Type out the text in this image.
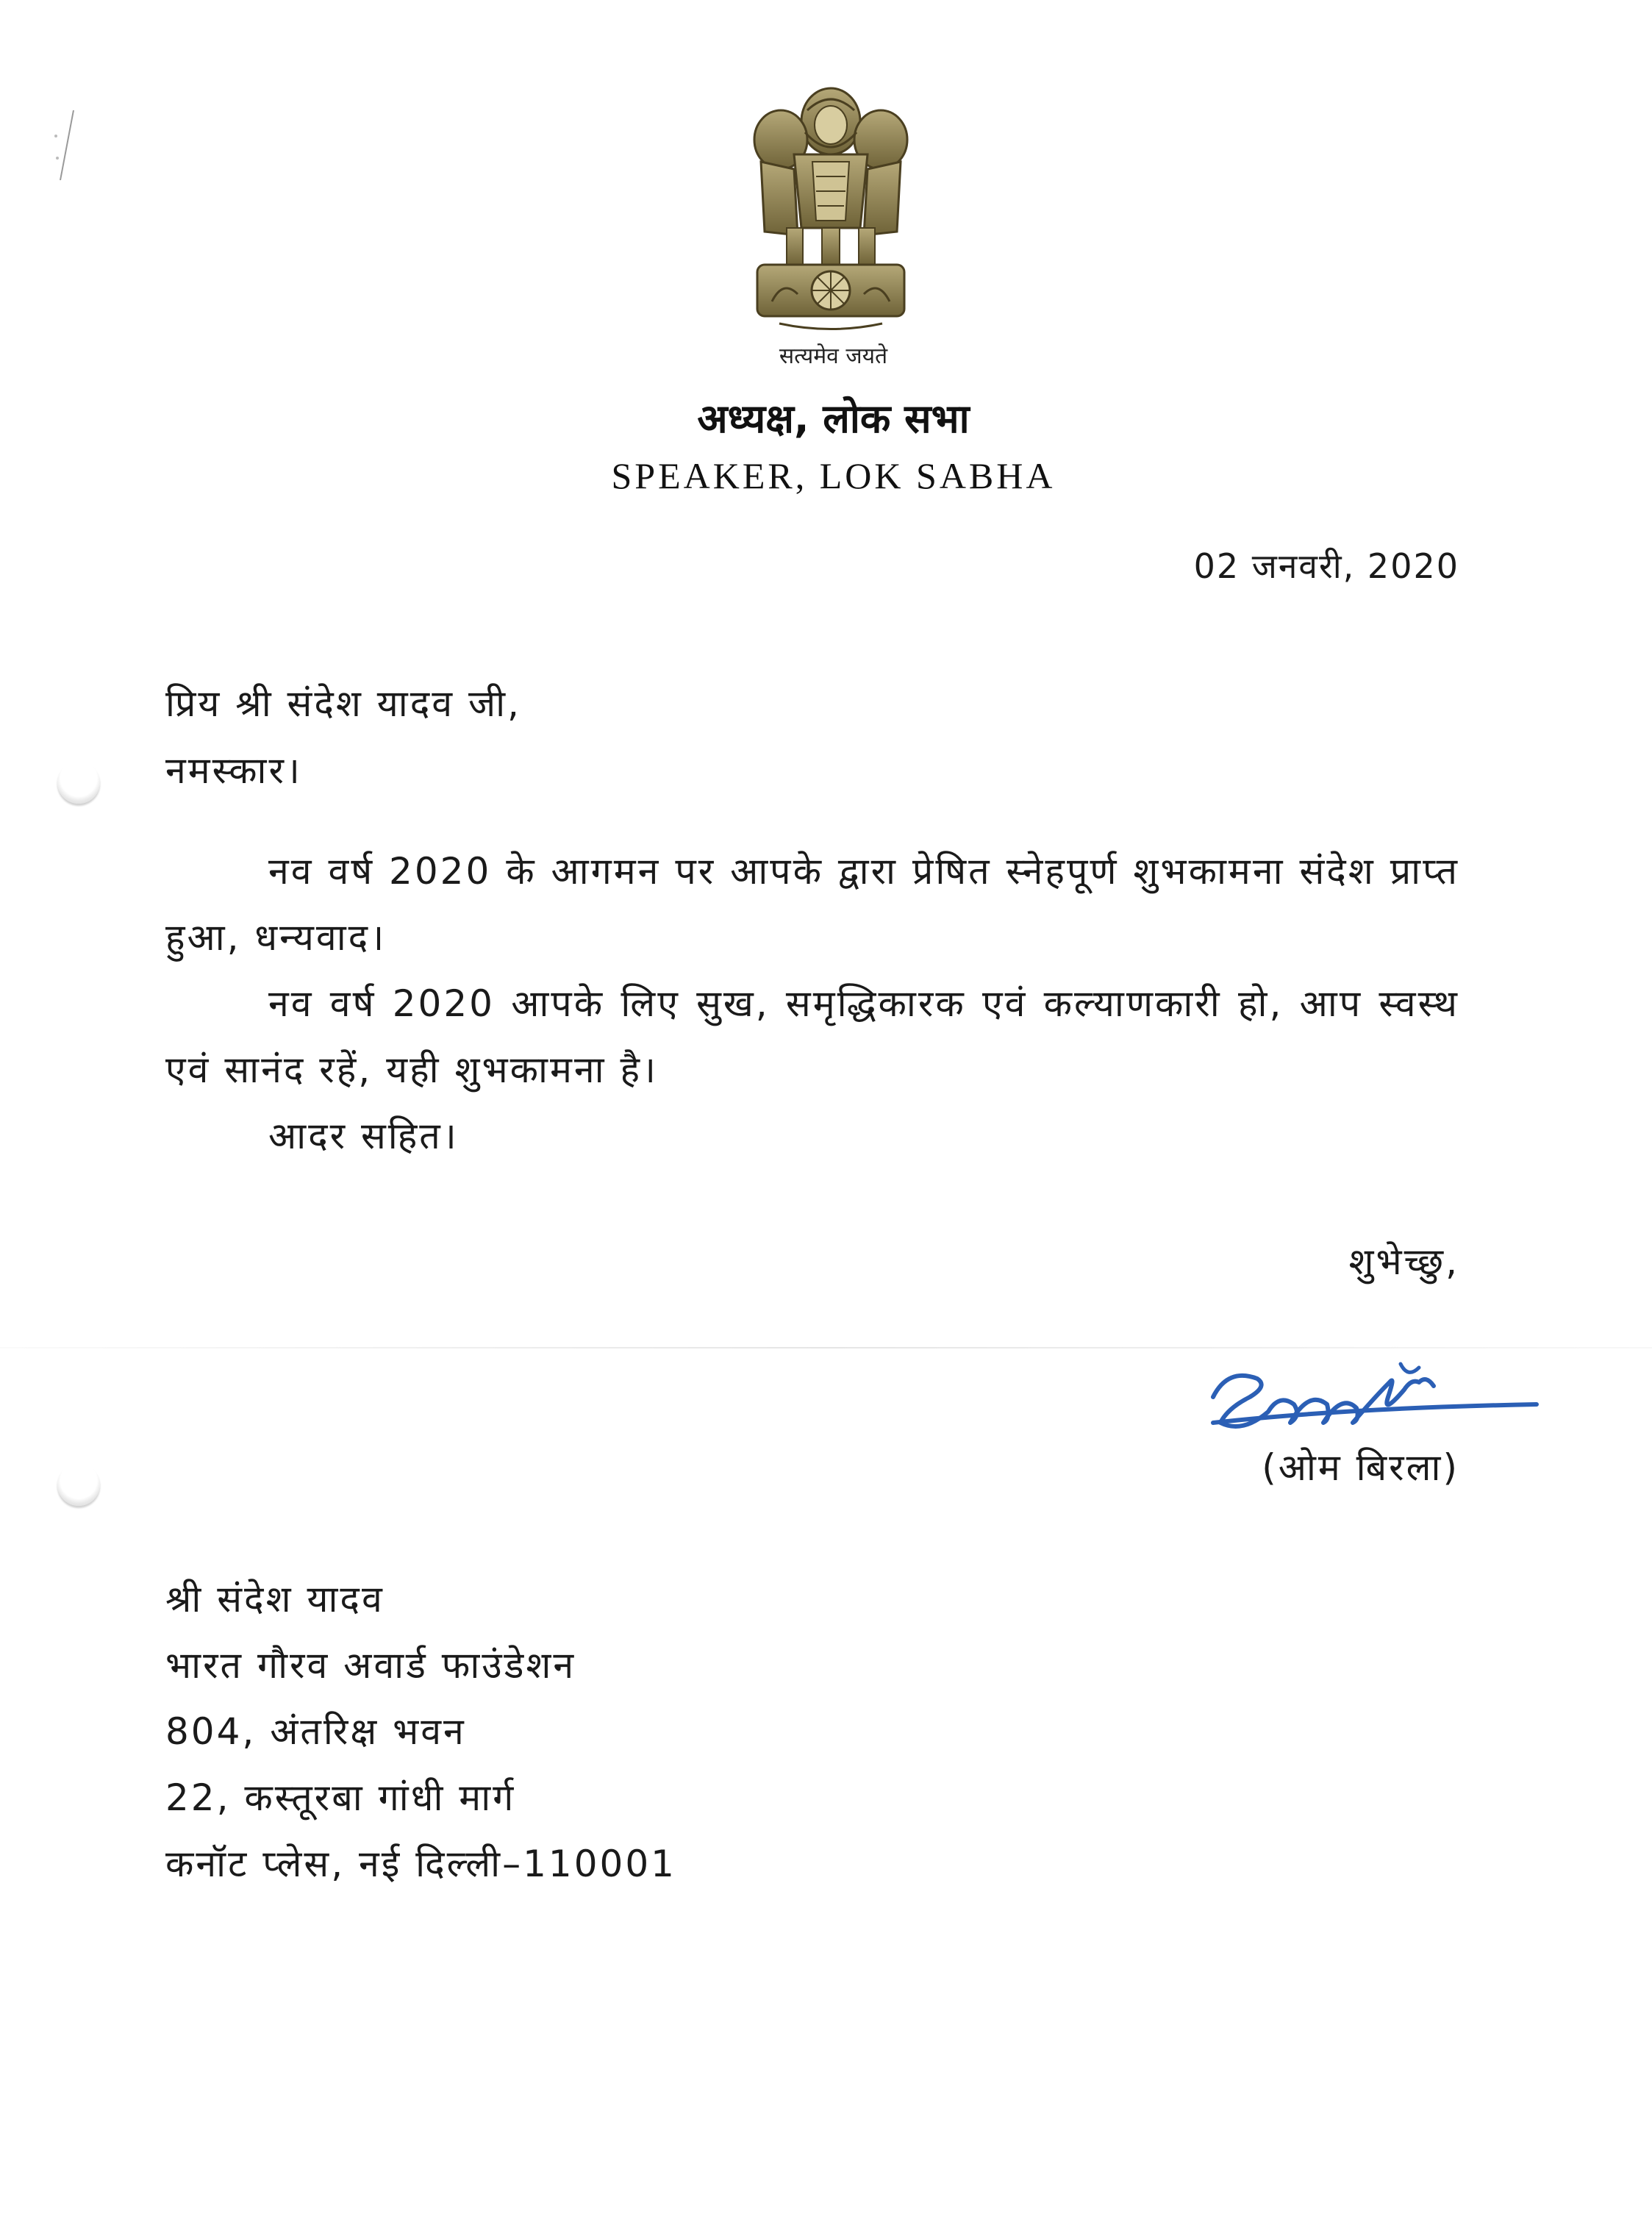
सत्यमेव जयते
अध्यक्ष, लोक सभा
SPEAKER, LOK SABHA
02 जनवरी, 2020
प्रिय श्री संदेश यादव जी,
नमस्कार।
नव वर्ष 2020 के आगमन पर आपके द्वारा प्रेषित स्नेहपूर्ण शुभकामना संदेश प्राप्त हुआ, धन्यवाद।
नव वर्ष 2020 आपके लिए सुख, समृद्धिकारक एवं कल्याणकारी हो, आप स्वस्थ एवं सानंद रहें, यही शुभकामना है।
आदर सहित।
शुभेच्छु,
(ओम बिरला)
श्री संदेश यादव
भारत गौरव अवार्ड फाउंडेशन
804, अंतरिक्ष भवन
22, कस्तूरबा गांधी मार्ग
कनॉट प्लेस, नई दिल्ली–110001
